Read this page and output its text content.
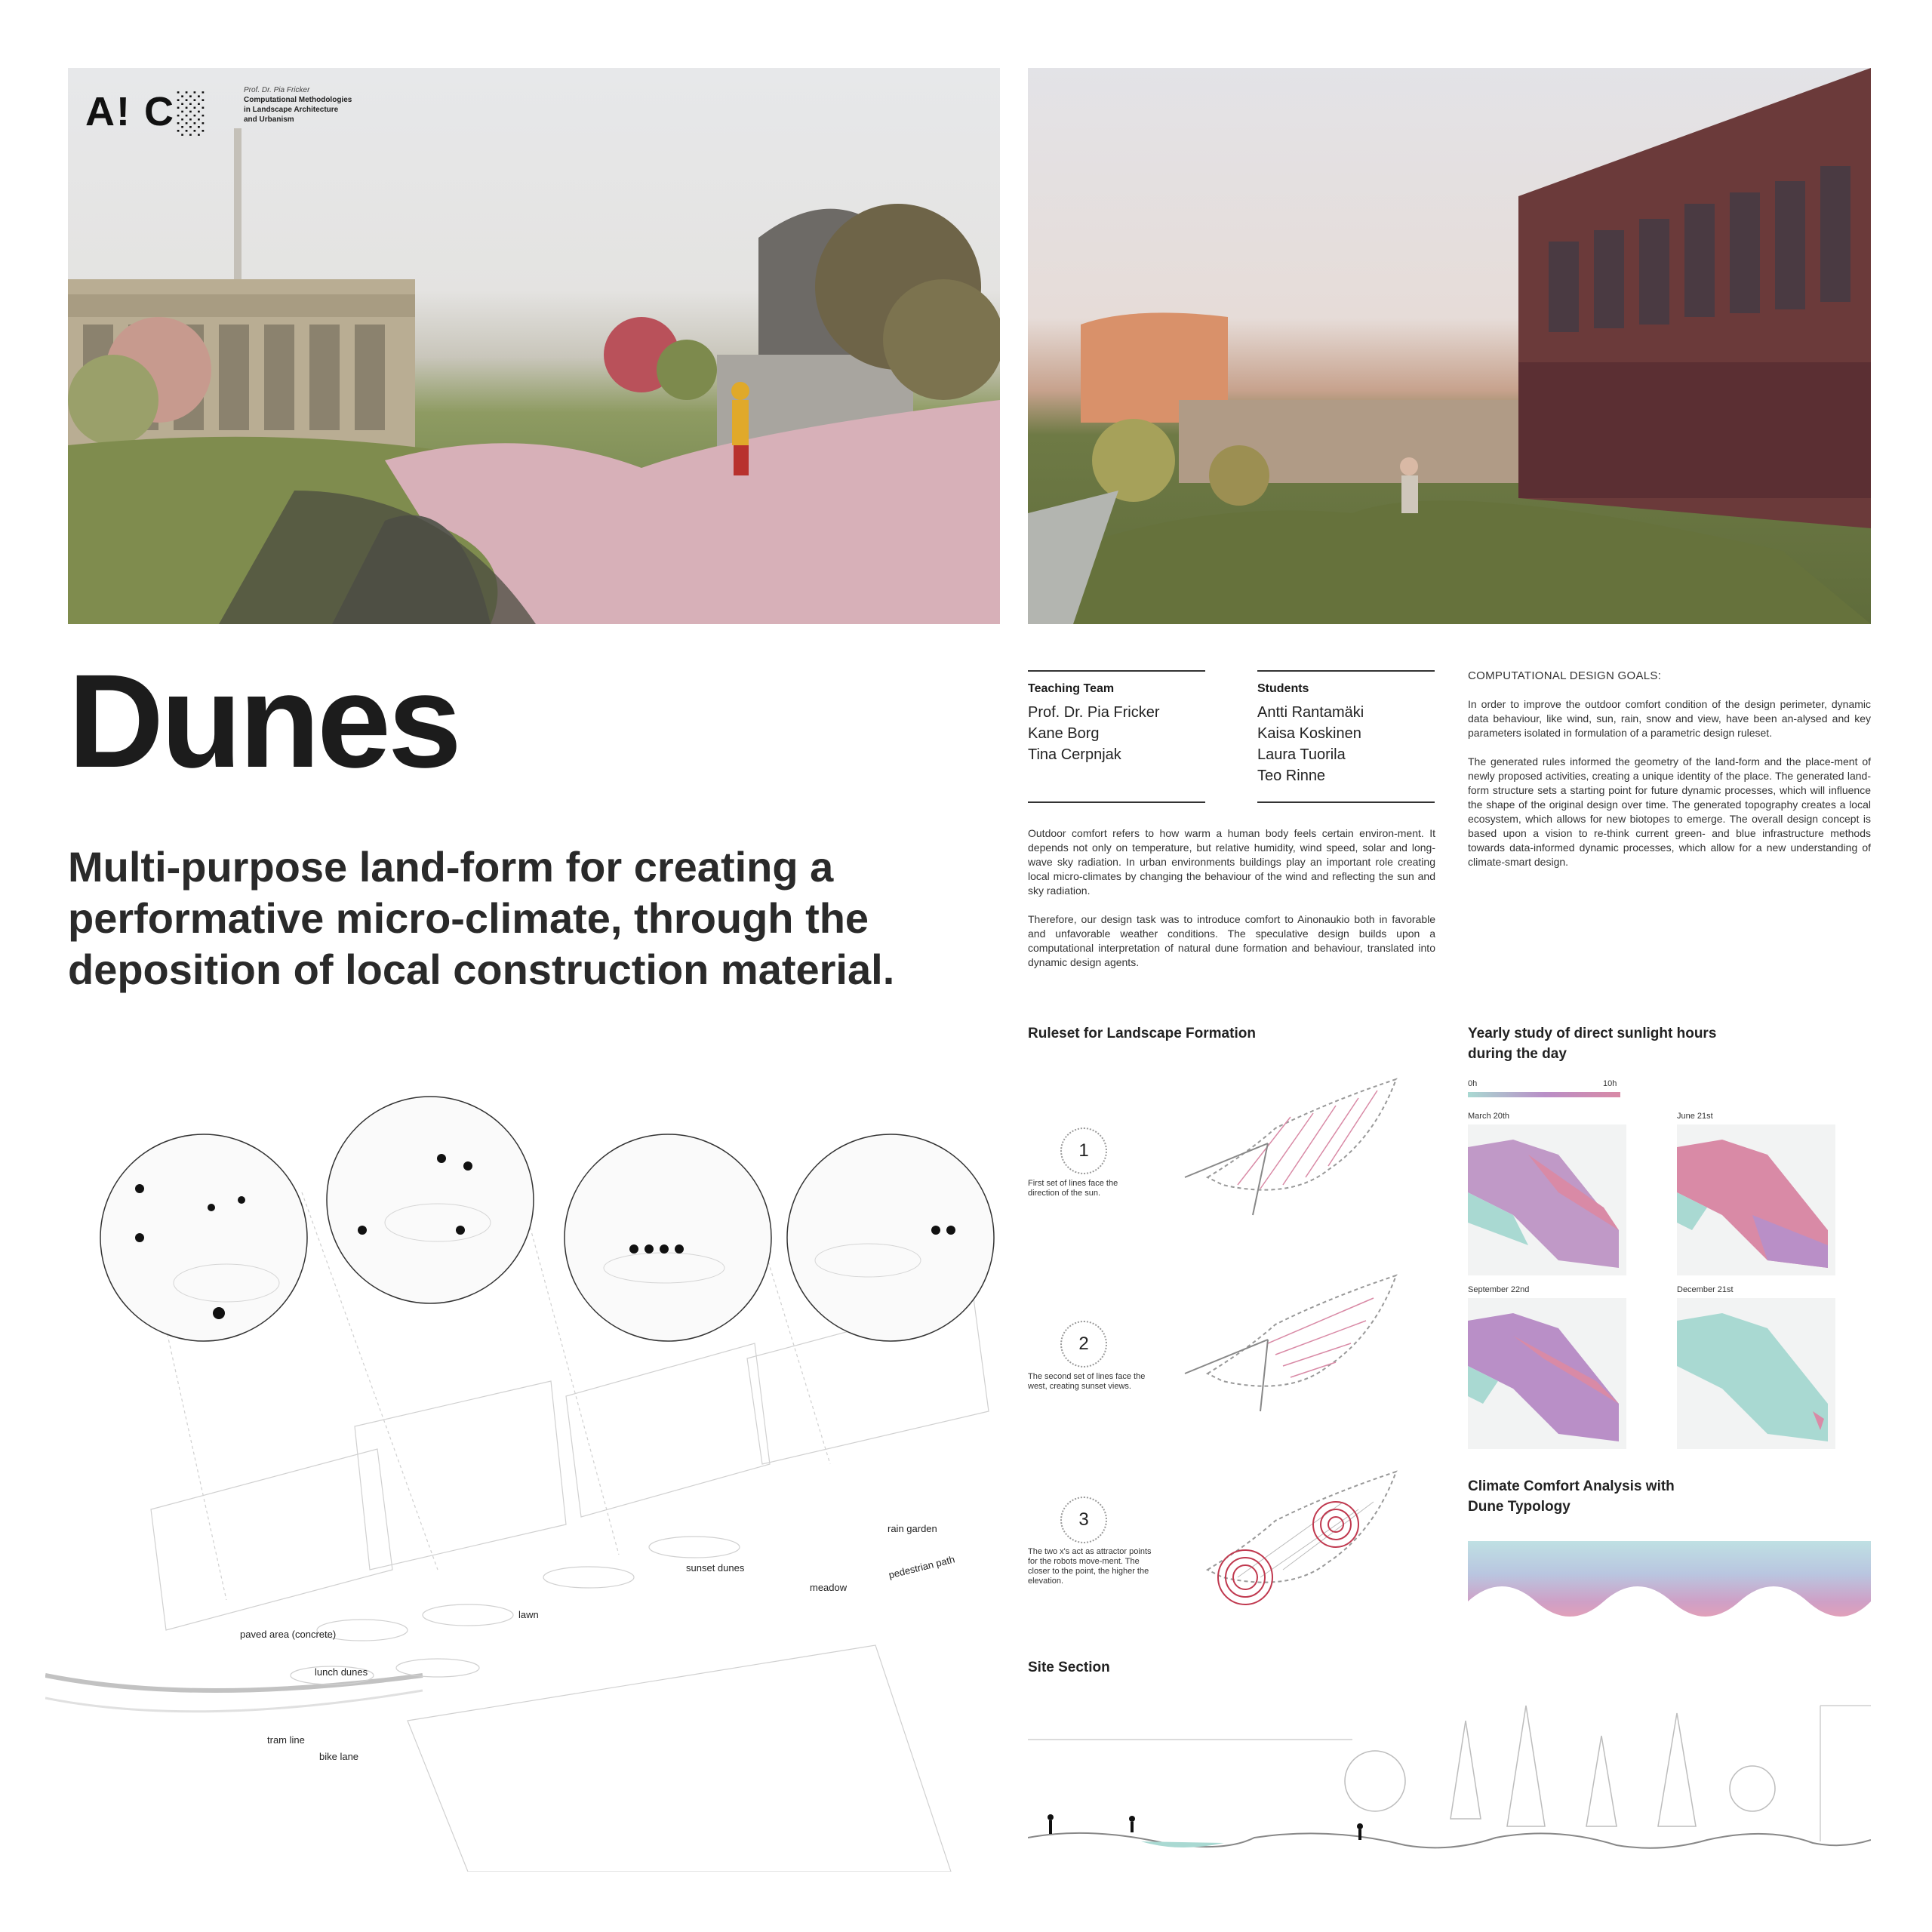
A! C░	Prof. Dr. Pia Fricker
Computational Methodologies
in Landscape Architecture
and Urbanism
Dunes
Multi-purpose land-form for creating a performative micro-climate, through the deposition of local construction material.
Teaching Team
Prof. Dr. Pia Fricker
Kane Borg
Tina Cerpnjak
Students
Antti Rantamäki
Kaisa Koskinen
Laura Tuorila
Teo Rinne
Outdoor comfort refers to how warm a human body feels certain environ-ment. It depends not only on temperature, but relative humidity, wind speed, solar and long-wave sky radiation. In urban environments buildings play an important role creating local micro-climates by changing the behaviour of the wind and reflecting the sun and sky radiation.
Therefore, our design task was to introduce comfort to Ainonaukio both in favorable and unfavorable weather conditions. The speculative design builds upon a computational interpretation of natural dune formation and behaviour, translated into dynamic design agents.
COMPUTATIONAL DESIGN GOALS:
In order to improve the outdoor comfort condition of the design perimeter, dynamic data behaviour, like wind, sun, rain, snow and view, have been an-alysed and key parameters isolated in formulation of a parametric design ruleset.
The generated rules informed the geometry of the land-form and the place-ment of newly proposed activities, creating a unique identity of the place. The generated land-form structure sets a starting point for future dynamic processes, which will influence the shape of the original design over time. The generated topography creates a local ecosystem, which allows for new biotopes to emerge. The overall design concept is based upon a vision to re-think current green- and blue infrastructure methods towards data-informed dynamic processes, which allow for a new understanding of climate-smart design.
Ruleset for Landscape Formation
1
First set of lines face the direction of the sun.
2
The second set of lines face the west, creating sunset views.
3
The two x's act as attractor points for the robots move-ment. The closer to the point, the higher the elevation.
Yearly study of direct sunlight hours
during the day
0h	10h
March 20th	June 21st
September 22nd	December 21st
Climate Comfort Analysis with
Dune Typology
Site Section
rain garden
sunset dunes
meadow
pedestrian path
lawn
paved area (concrete)
lunch dunes
tram line
bike lane
